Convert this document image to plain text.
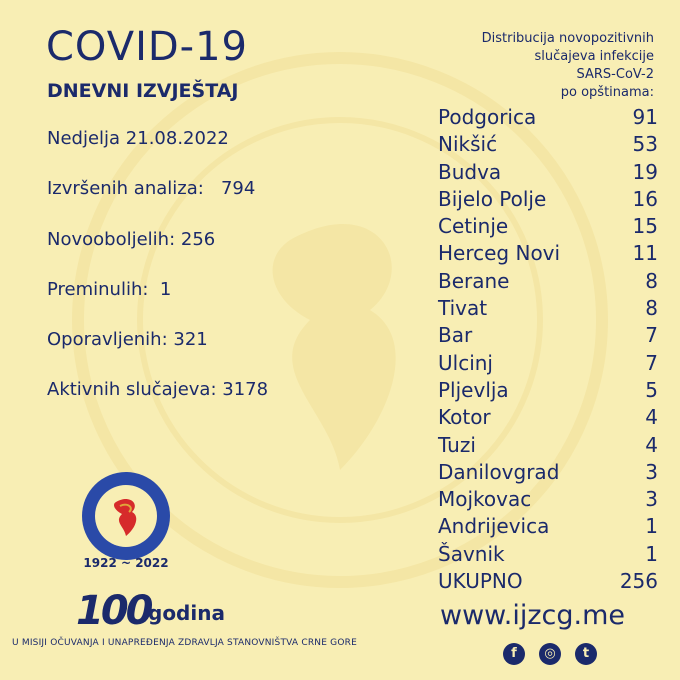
COVID-19
DNEVNI IZVJEŠTAJ
Nedjelja 21.08.2022
Izvršenih analiza:   794
Novooboljelih: 256
Preminulih:  1
Oporavljenih: 321
Aktivnih slučajeva: 3178
Distribucija novopozitivnih
slučajeva infekcije
SARS-CoV-2
po opštinama:
Podgorica	91
Nikšić	53
Budva	19
Bijelo Polje	16
Cetinje	15
Herceg Novi	11
Berane	8
Tivat	8
Bar	7
Ulcinj	7
Pljevlja	5
Kotor	4
Tuzi	4
Danilovgrad	3
Mojkovac	3
Andrijevica	1
Šavnik	1
UKUPNO	256
www.ijzcg.me
f	◎	t
1922 ~ 2022
100
godina
U MISIJI OČUVANJA I UNAPREĐENJA ZDRAVLJA STANOVNIŠTVA CRNE GORE
